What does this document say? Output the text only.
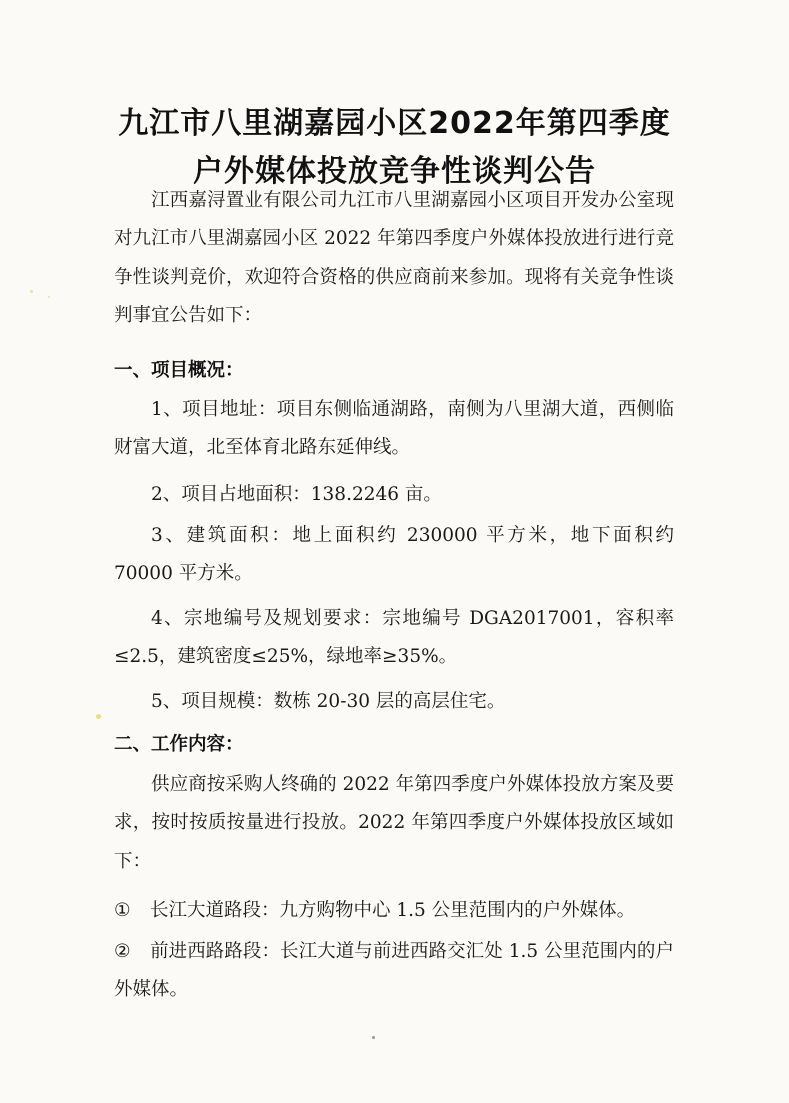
九江市八里湖嘉园小区2022年第四季度
户外媒体投放竞争性谈判公告
江西嘉浔置业有限公司九江市八里湖嘉园小区项目开发办公室现对九江市八里湖嘉园小区 2022 年第四季度户外媒体投放进行进行竞争性谈判竞价，欢迎符合资格的供应商前来参加。现将有关竞争性谈判事宜公告如下：
一、项目概况：
1、项目地址：项目东侧临通湖路，南侧为八里湖大道，西侧临财富大道，北至体育北路东延伸线。
2、项目占地面积：138.2246 亩。
3、建筑面积：地上面积约 230000 平方米，地下面积约 70000 平方米。
4、宗地编号及规划要求：宗地编号 DGA2017001，容积率≤2.5，建筑密度≤25%，绿地率≥35%。
5、项目规模：数栋 20-30 层的高层住宅。
二、工作内容：
供应商按采购人终确的 2022 年第四季度户外媒体投放方案及要求，按时按质按量进行投放。2022 年第四季度户外媒体投放区域如下：
① 长江大道路段：九方购物中心 1.5 公里范围内的户外媒体。
② 前进西路路段：长江大道与前进西路交汇处 1.5 公里范围内的户外媒体。
